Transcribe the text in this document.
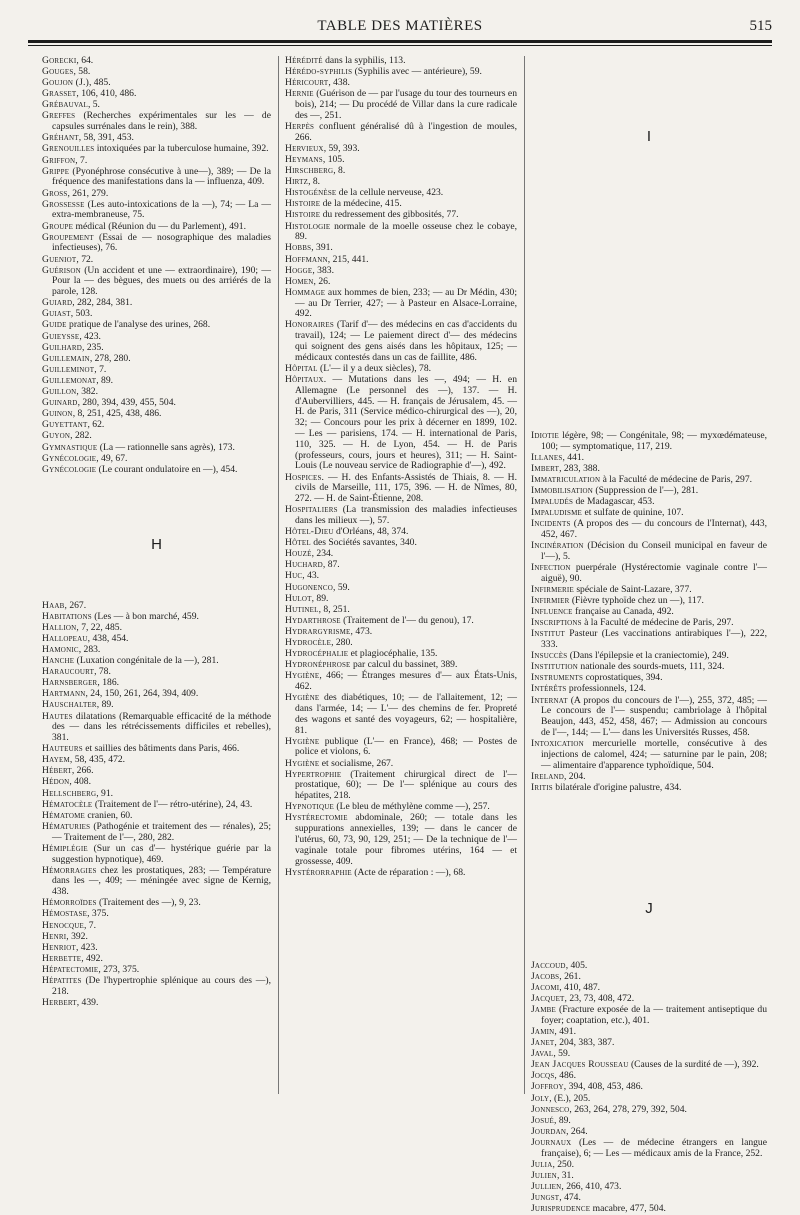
TABLE DES MATIÈRES	515
Gorecki, 64.
Gouges, 58.
Goujon (J.), 485.
Grasset, 106, 410, 486.
Grébauval, 5.
Greffes (Recherches expérimentales sur les — de capsules surrénales dans le rein), 388.
Gréhant, 58, 391, 453.
Grenouilles intoxiquées par la tuberculose humaine, 392.
Griffon, 7.
Grippe (Pyonéphrose consécutive à une—), 389; — De la fréquence des manifestations dans la — influenza, 409.
Gross, 261, 279.
Grossesse (Les auto-intoxications de la —), 74; — La — extra-membraneuse, 75.
Groupe médical (Réunion du — du Parlement), 491.
Groupement (Essai de — nosographique des maladies infectieuses), 76.
Gueniot, 72.
Guérison (Un accident et une — extraordinaire), 190; — Pour la — des bègues, des muets ou des arriérés de la parole, 128.
Guiard, 282, 284, 381.
Guiast, 503.
Guide pratique de l'analyse des urines, 268.
Guieysse, 423.
Guilhard, 235.
Guillemain, 278, 280.
Guilleminot, 7.
Guillemonat, 89.
Guillon, 382.
Guinard, 280, 394, 439, 455, 504.
Guinon, 8, 251, 425, 438, 486.
Guyettant, 62.
Guyon, 282.
Gymnastique (La — rationnelle sans agrès), 173.
Gynécologie, 49, 67.
Gynécologie (Le courant ondulatoire en —), 454.
H
Haab, 267.
Habitations (Les — à bon marché, 459.
Hallion, 7, 22, 485.
Hallopeau, 438, 454.
Hamonic, 283.
Hanche (Luxation congénitale de la —), 281.
Haraucourt, 78.
Harnsberger, 186.
Hartmann, 24, 150, 261, 264, 394, 409.
Hauschalter, 89.
Hautes dilatations (Remarquable efficacité de la méthode des — dans les rétrécissements difficiles et rebelles), 381.
Hauteurs et saillies des bâtiments dans Paris, 466.
Hayem, 58, 435, 472.
Hébert, 266.
Hédon, 408.
Hellschberg, 91.
Hématocèle (Traitement de l'— rétro-utérine), 24, 43.
Hématome cranien, 60.
Hématuries (Pathogénie et traitement des — rénales), 25; — Traitement de l'—, 280, 282.
Hémiplégie (Sur un cas d'— hystérique guérie par la suggestion hypnotique), 469.
Hémorragies chez les prostatiques, 283; — Température dans les —, 409; — méningée avec signe de Kernig, 438.
Hémorroïdes (Traitement des —), 9, 23.
Hémostase, 375.
Henocque, 7.
Henri, 392.
Henriot, 423.
Herbette, 492.
Hépatectomie, 273, 375.
Hépatites (De l'hypertrophie splénique au cours des —), 218.
Herbert, 439.
Hérédité dans la syphilis, 113.
Hérédo-syphilis (Syphilis avec — antérieure), 59.
Héricourt, 438.
Hernie (Guérison de — par l'usage du tour des tourneurs en bois), 214; — Du procédé de Villar dans la cure radicale des —, 251.
Herpès confluent généralisé dû à l'ingestion de moules, 266.
Hervieux, 59, 393.
Heymans, 105.
Hirschberg, 8.
Hirtz, 8.
Histogénèse de la cellule nerveuse, 423.
Histoire de la médecine, 415.
Histoire du redressement des gibbosités, 77.
Histologie normale de la moelle osseuse chez le cobaye, 89.
Hobbs, 391.
Hoffmann, 215, 441.
Hogge, 383.
Homen, 26.
Hommage aux hommes de bien, 233; — au Dr Médin, 430; — au Dr Terrier, 427; — à Pasteur en Alsace-Lorraine, 492.
Honoraires (Tarif d'— des médecins en cas d'accidents du travail), 124; — Le paiement direct d'— des médecins qui soignent des gens aisés dans les hôpitaux, 125; — médicaux contestés dans un cas de faillite, 486.
Hôpital (L'— il y a deux siècles), 78.
Hôpitaux. — Mutations dans les —, 494; — H. en Allemagne (Le personnel des —), 137. — H. d'Aubervilliers, 445. — H. français de Jérusalem, 45. — H. de Paris, 311 (Service médico-chirurgical des —), 20, 32; — Concours pour les prix à décerner en 1899, 102. — Les — parisiens, 174. — H. international de Paris, 110, 325. — H. de Lyon, 454. — H. de Paris (professeurs, cours, jours et heures), 311; — H. Saint-Louis (Le nouveau service de Radiographie d'—), 492.
Hospices. — H. des Enfants-Assistés de Thiais, 8. — H. civils de Marseille, 111, 175, 396. — H. de Nîmes, 80, 272. — H. de Saint-Étienne, 208.
Hospitaliers (La transmission des maladies infectieuses dans les milieux —), 57.
Hôtel-Dieu d'Orléans, 48, 374.
Hôtel des Sociétés savantes, 340.
Houzé, 234.
Huchard, 87.
Huc, 43.
Hugonenco, 59.
Hulot, 89.
Hutinel, 8, 251.
Hydarthrose (Traitement de l'— du genou), 17.
Hydrargyrisme, 473.
Hydrocèle, 280.
Hydrocéphalie et plagiocéphalie, 135.
Hydronéphrose par calcul du bassinet, 389.
Hygiène, 466; — Étranges mesures d'— aux États-Unis, 462.
Hygiène des diabétiques, 10; — de l'allaitement, 12; — dans l'armée, 14; — L'— des chemins de fer. Propreté des wagons et santé des voyageurs, 62; — hospitalière, 81.
Hygiène publique (L'— en France), 468; — Postes de police et violons, 6.
Hygiène et socialisme, 267.
Hypertrophie (Traitement chirurgical direct de l'— prostatique, 60); — De l'— splénique au cours des hépatites, 218.
Hypnotique (Le bleu de méthylène comme —), 257.
Hystérectomie abdominale, 260; — totale dans les suppurations annexielles, 139; — dans le cancer de l'utérus, 60, 73, 90, 129, 251; — De la technique de l'— vaginale totale pour fibromes utérins, 164 — et grossesse, 409.
Hystérorraphie (Acte de réparation : —), 68.
I
Idiotie légère, 98; — Congénitale, 98; — myxœdémateuse, 100; — symptomatique, 117, 219.
Illanes, 441.
Imbert, 283, 388.
Immatriculation à la Faculté de médecine de Paris, 297.
Immobilisation (Suppression de l'—), 281.
Impaludés de Madagascar, 453.
Impaludisme et sulfate de quinine, 107.
Incidents (A propos des — du concours de l'Internat), 443, 452, 467.
Incinération (Décision du Conseil municipal en faveur de l'—), 5.
Infection puerpérale (Hystérectomie vaginale contre l'— aiguë), 90.
Infirmerie spéciale de Saint-Lazare, 377.
Infirmier (Fièvre typhoïde chez un —), 117.
Influence française au Canada, 492.
Inscriptions à la Faculté de médecine de Paris, 297.
Institut Pasteur (Les vaccinations antirabiques l'—), 222, 333.
Insuccès (Dans l'épilepsie et la craniectomie), 249.
Institution nationale des sourds-muets, 111, 324.
Instruments coprostatiques, 394.
Intérêts professionnels, 124.
Internat (A propos du concours de l'—), 255, 372, 485; — Le concours de l'— suspendu; cambriolage à l'hôpital Beaujon, 443, 452, 458, 467; — Admission au concours de l'—, 144; — L'— dans les Universités Russes, 458.
Intoxication mercurielle mortelle, consécutive à des injections de calomel, 424; — saturnine par le pain, 208; — alimentaire d'apparence typhoïdique, 504.
Ireland, 204.
Iritis bilatérale d'origine palustre, 434.
J
Jaccoud, 405.
Jacobs, 261.
Jacomi, 410, 487.
Jacquet, 23, 73, 408, 472.
Jambe (Fracture exposée de la — traitement antiseptique du foyer; coaptation, etc.), 401.
Jamin, 491.
Janet, 204, 383, 387.
Javal, 59.
Jean Jacques Rousseau (Causes de la surdité de —), 392.
Jocqs, 486.
Joffroy, 394, 408, 453, 486.
Joly, (E.), 205.
Jonnesco, 263, 264, 278, 279, 392, 504.
Josué, 89.
Jourdan, 264.
Journaux (Les — de médecine étrangers en langue française), 6; — Les — médicaux amis de la France, 252.
Julia, 250.
Julien, 31.
Jullien, 266, 410, 473.
Jungst, 474.
Jurisprudence macabre, 477, 504.
